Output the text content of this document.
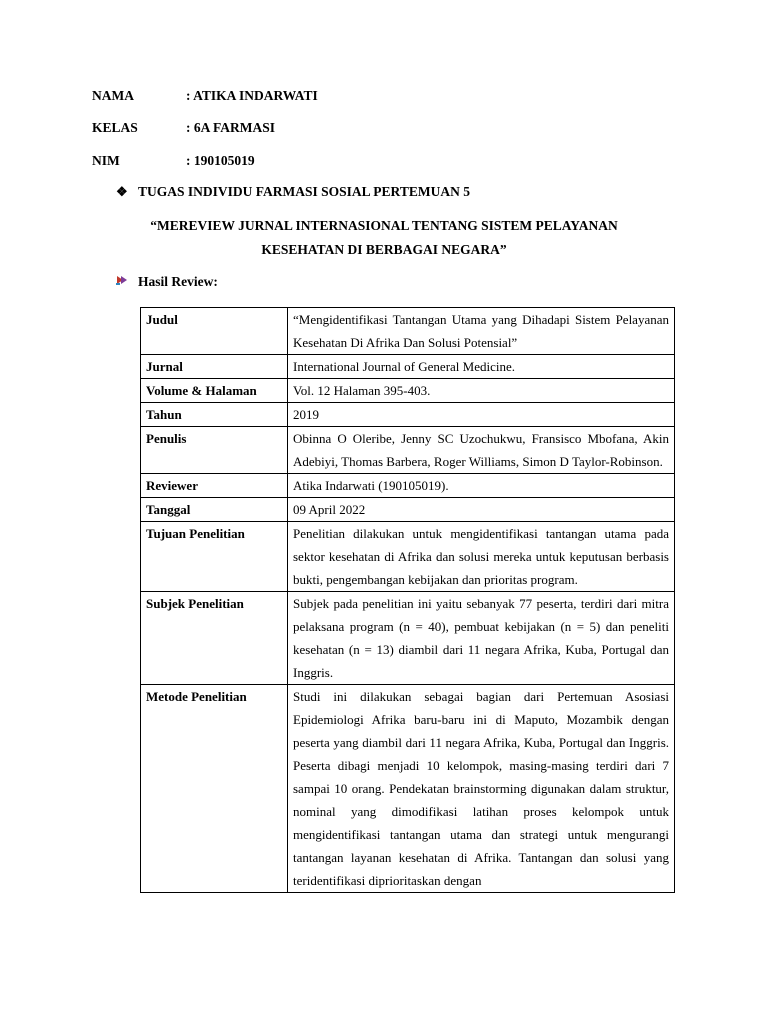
NAMA	: ATIKA INDARWATI
KELAS	: 6A FARMASI
NIM	: 190105019
❖ TUGAS INDIVIDU FARMASI SOSIAL PERTEMUAN 5
“MEREVIEW JURNAL INTERNASIONAL TENTANG SISTEM PELAYANAN
KESEHATAN DI BERBAGAI NEGARA”
Hasil Review:
Judul	“Mengidentifikasi Tantangan Utama yang Dihadapi Sistem Pelayanan Kesehatan Di Afrika Dan Solusi Potensial”
Jurnal	International Journal of General Medicine.
Volume & Halaman	Vol. 12 Halaman 395-403.
Tahun	2019
Penulis	Obinna O Oleribe, Jenny SC Uzochukwu, Fransisco Mbofana, Akin Adebiyi, Thomas Barbera, Roger Williams, Simon D Taylor-Robinson.
Reviewer	Atika Indarwati (190105019).
Tanggal	09 April 2022
Tujuan Penelitian	Penelitian dilakukan untuk mengidentifikasi tantangan utama pada sektor kesehatan di Afrika dan solusi mereka untuk keputusan berbasis bukti, pengembangan kebijakan dan prioritas program.
Subjek Penelitian	Subjek pada penelitian ini yaitu sebanyak 77 peserta, terdiri dari mitra pelaksana program (n = 40), pembuat kebijakan (n = 5) dan peneliti kesehatan (n = 13) diambil dari 11 negara Afrika, Kuba, Portugal dan Inggris.
Metode Penelitian	Studi ini dilakukan sebagai bagian dari Pertemuan Asosiasi Epidemiologi Afrika baru-baru ini di Maputo, Mozambik dengan peserta yang diambil dari 11 negara Afrika, Kuba, Portugal dan Inggris. Peserta dibagi menjadi 10 kelompok, masing-masing terdiri dari 7 sampai 10 orang. Pendekatan brainstorming digunakan dalam struktur, nominal yang dimodifikasi latihan proses kelompok untuk mengidentifikasi tantangan utama dan strategi untuk mengurangi tantangan layanan kesehatan di Afrika. Tantangan dan solusi yang teridentifikasi diprioritaskan dengan
